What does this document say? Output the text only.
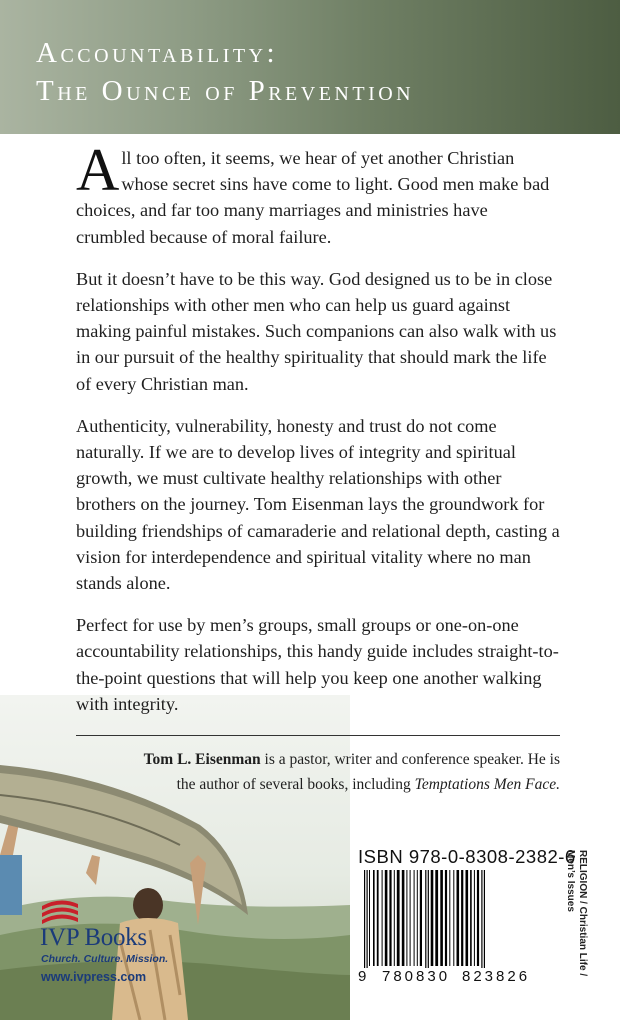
Accountability:
The Ounce of Prevention

All too often, it seems, we hear of yet another Christian whose secret sins have come to light. Good men make bad choices, and far too many marriages and ministries have crumbled because of moral failure.

But it doesn’t have to be this way. God designed us to be in close relationships with other men who can help us guard against making painful mistakes. Such companions can also walk with us in our pursuit of the healthy spirituality that should mark the life of every Christian man.

Authenticity, vulnerability, honesty and trust do not come naturally. If we are to develop lives of integrity and spiritual growth, we must cultivate healthy relationships with other brothers on the journey. Tom Eisenman lays the groundwork for building friendships of camaraderie and relational depth, casting a vision for interdependence and spiritual vitality where no man stands alone.

Perfect for use by men’s groups, small groups or one-on-one accountability relationships, this handy guide includes straight-to-the-point questions that will help you keep one another walking with integrity.

Tom L. Eisenman is a pastor, writer and conference speaker. He is the author of several books, including Temptations Men Face.
ISBN 978-0-8308-2382-6
9 780830 823826
RELIGION / Christian Life /
Men’s Issues
IVP Books
Church. Culture. Mission.
www.ivpress.com
